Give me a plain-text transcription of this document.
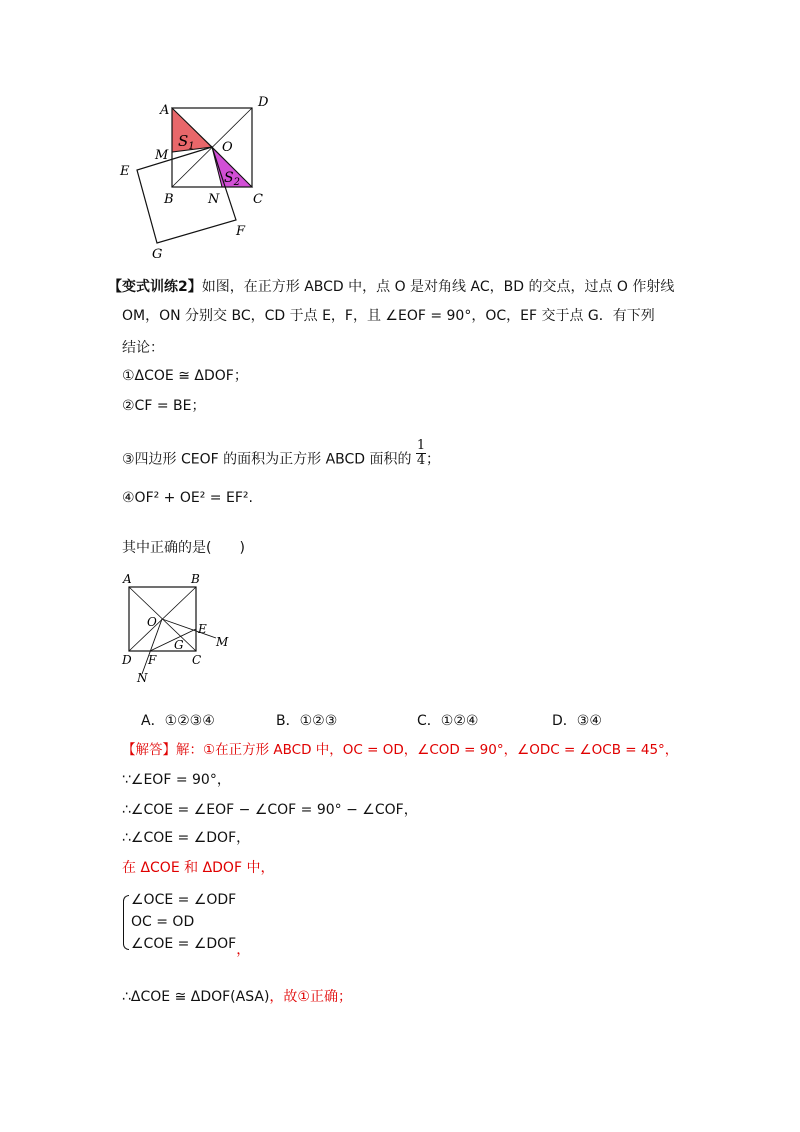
A
D
M
O
$S_1$
$S_2$
E
B	N	C
F
G
【变式训练2】如图，在正方形 ABCD 中，点 O 是对角线 AC，BD 的交点，过点 O 作射线
OM，ON 分别交 BC，CD 于点 E，F，且 ∠EOF = 90°，OC，EF 交于点 G．有下列
结论：
①ΔCOE ≅ ΔDOF；
②CF = BE；
③四边形 CEOF 的面积为正方形 ABCD 面积的 $\frac{1}{4}$ ；
④OF² + OE² = EF².
其中正确的是(　　)
A	B
O	E
M
G
D F	C
N
A．①②③④	B．①②③	C．①②④	D．③④
【解答】解：①在正方形 ABCD 中，OC = OD，∠COD = 90°，∠ODC = ∠OCB = 45°，
∵∠EOF = 90°，
∴∠COE = ∠EOF − ∠COF = 90° − ∠COF，
∴∠COE = ∠DOF，
在 ΔCOE 和 ΔDOF 中，
∠OCE = ∠ODF
OC = OD
∠COE = ∠DOF，
∴ΔCOE ≅ ΔDOF(ASA)，故①正确；
